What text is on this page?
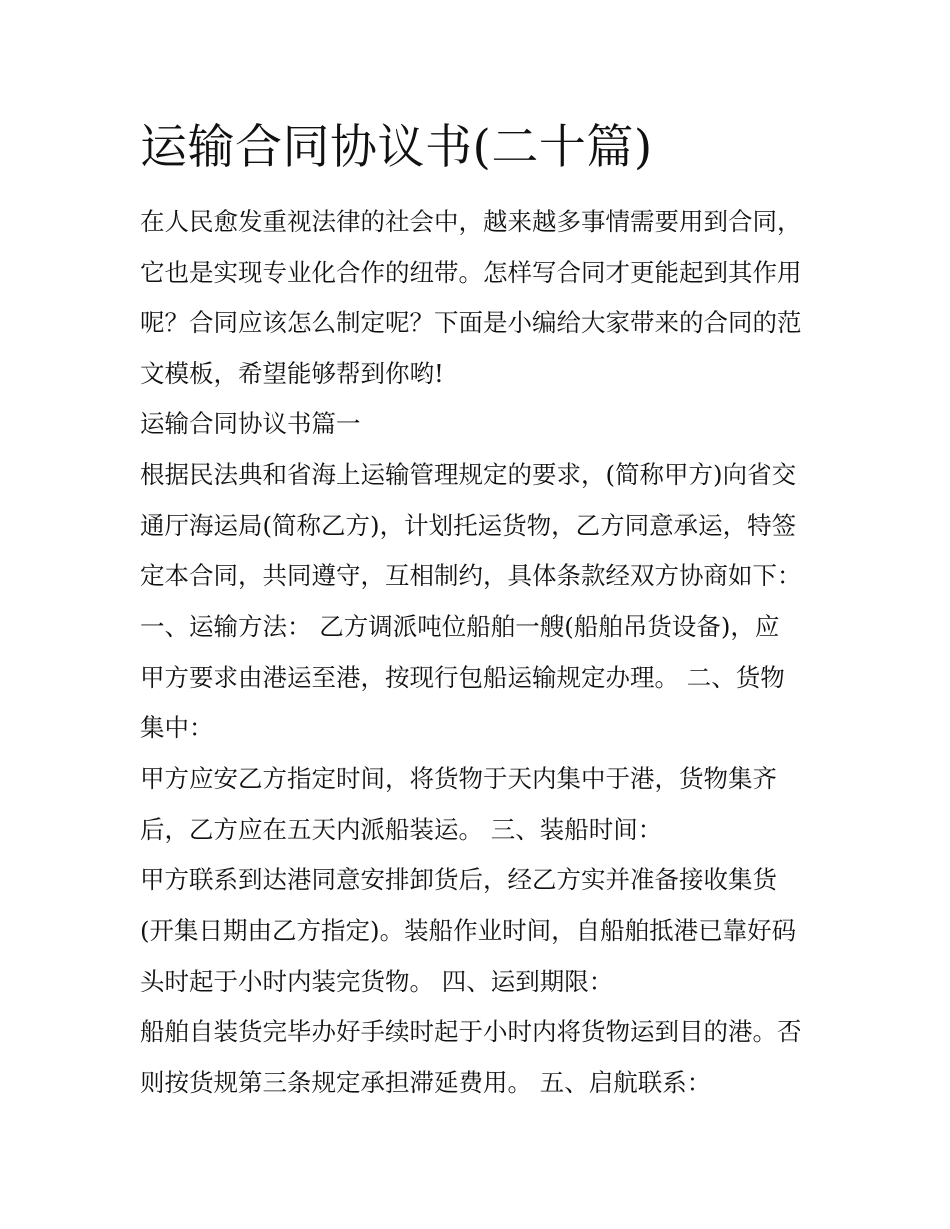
运输合同协议书(二十篇)
在人民愈发重视法律的社会中，越来越多事情需要用到合同，
它也是实现专业化合作的纽带。怎样写合同才更能起到其作用
呢？合同应该怎么制定呢？下面是小编给大家带来的合同的范
文模板，希望能够帮到你哟!
运输合同协议书篇一
根据民法典和省海上运输管理规定的要求，(简称甲方)向省交
通厅海运局(简称乙方)，计划托运货物，乙方同意承运，特签
定本合同，共同遵守，互相制约，具体条款经双方协商如下：
一、运输方法： 乙方调派吨位船舶一艘(船舶吊货设备)，应
甲方要求由港运至港，按现行包船运输规定办理。 二、货物
集中：
甲方应安乙方指定时间，将货物于天内集中于港，货物集齐
后，乙方应在五天内派船装运。 三、装船时间：
甲方联系到达港同意安排卸货后，经乙方实并准备接收集货
(开集日期由乙方指定)。装船作业时间，自船舶抵港已靠好码
头时起于小时内装完货物。 四、运到期限：
船舶自装货完毕办好手续时起于小时内将货物运到目的港。否
则按货规第三条规定承担滞延费用。 五、启航联系：
